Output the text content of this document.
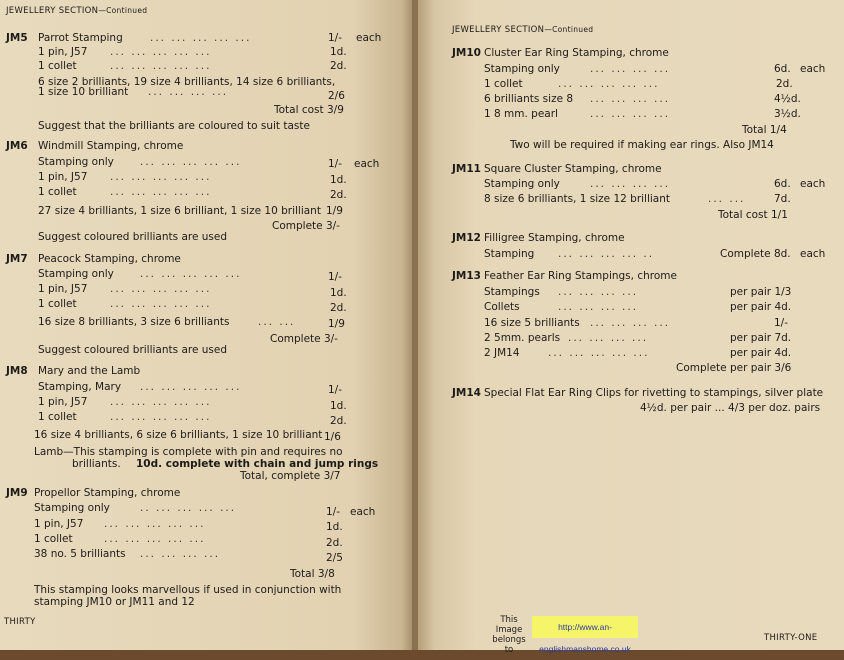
JEWELLERY SECTION—Continued
JM5 Parrot Stamping	... ... ... ... ...	1/- each
1 pin, J57 ... ... ... ... ...	1d.
1 collet	... ... ... ... ...	2d.
6 size 2 brilliants, 19 size 4 brilliants, 14 size 6 brilliants,
1 size 10 brilliant ... ... ... ...	2/6
Total cost 3/9
Suggest that the brilliants are coloured to suit taste
JM6 Windmill Stamping, chrome
Stamping only ... ... ... ... ...	1/- each
1 pin, J57 ... ... ... ... ...	1d.
1 collet	... ... ... ... ...	2d.
27 size 4 brilliants, 1 size 6 brilliant, 1 size 10 brilliant 1/9
Complete 3/-
Suggest coloured brilliants are used
JM7 Peacock Stamping, chrome
Stamping only ... ... ... ... ...	1/-
1 pin, J57 ... ... ... ... ...	1d.
1 collet	... ... ... ... ...	2d.
16 size 8 brilliants, 3 size 6 brilliants	... ...	1/9
Complete 3/-
Suggest coloured brilliants are used
JM8 Mary and the Lamb
Stamping, Mary ... ... ... ... ...	1/-
1 pin, J57 ... ... ... ... ...	1d.
1 collet	... ... ... ... ...	2d.
16 size 4 brilliants, 6 size 6 brilliants, 1 size 10 brilliant 1/6
Lamb—This stamping is complete with pin and requires no
brilliants. 10d. complete with chain and jump rings
Total, complete 3/7
JM9 Propellor Stamping, chrome
Stamping only	.. ... ... ... ...	1/- each
1 pin, J57 ... ... ... ... ...	1d.
1 collet	... ... ... ... ...	2d.
38 no. 5 brilliants ... ... ... ...	2/5
Total 3/8
This stamping looks marvellous if used in conjunction with
stamping JM10 or JM11 and 12
THIRTY
JEWELLERY SECTION—Continued
JM10 Cluster Ear Ring Stamping, chrome
Stamping only	... ... ... ...	6d. each
1 collet	... ... ... ... ...	2d.
6 brilliants size 8 ... ... ... ...	4½d.
1 8 mm. pearl	... ... ... ...	3½d.
Total 1/4
Two will be required if making ear rings. Also JM14
JM11 Square Cluster Stamping, chrome
Stamping only	... ... ... ...	6d. each
8 size 6 brilliants, 1 size 12 brilliant	... ...	7d.
Total cost 1/1
JM12 Filligree Stamping, chrome
Stamping ... ... ... ... ..	Complete 8d. each
JM13 Feather Ear Ring Stampings, chrome
Stampings ... ... ... ...	per pair 1/3
Collets	... ... ... ...	per pair 4d.
16 size 5 brilliants ... ... ... ...	1/-
2 5mm. pearls ... ... ... ...	per pair 7d.
2 JM14	... ... ... ... ...	per pair 4d.
Complete per pair 3/6
JM14 Special Flat Ear Ring Clips for rivetting to stampings, silver plate
4½d. per pair ... 4/3 per doz. pairs
THIRTY-ONE
This Image belongs to
http://www.an-englishmanshome.co.uk
